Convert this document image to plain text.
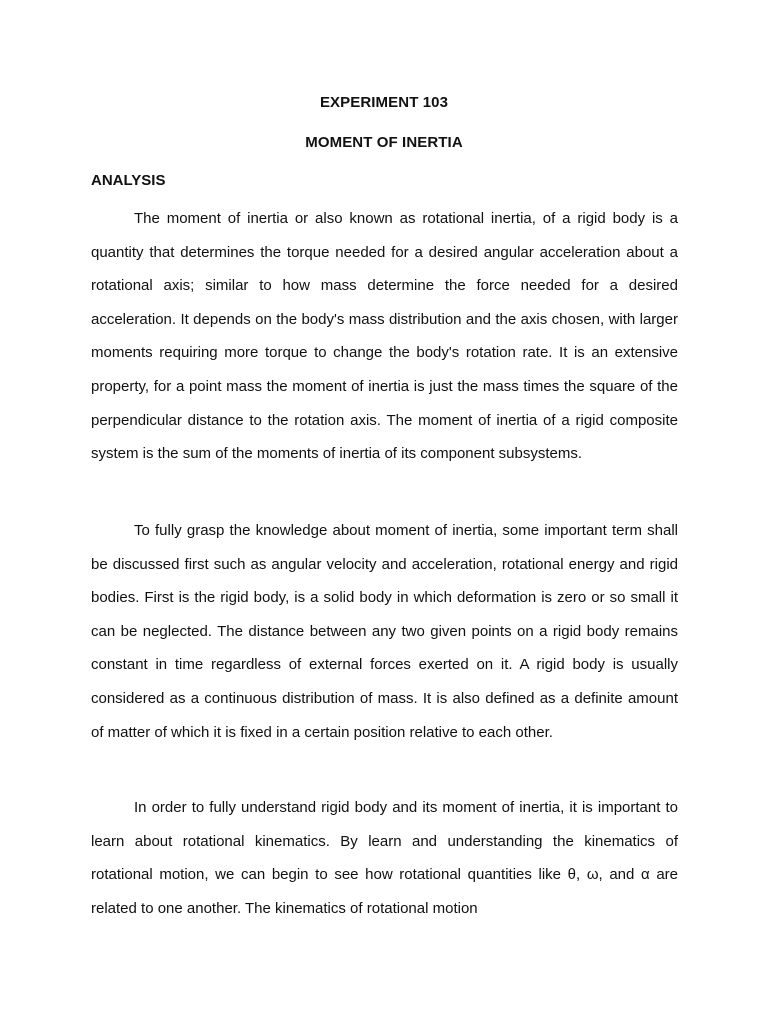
EXPERIMENT 103
MOMENT OF INERTIA
ANALYSIS

The moment of inertia or also known as rotational inertia, of a rigid body is a quantity that determines the torque needed for a desired angular acceleration about a rotational axis; similar to how mass determine the force needed for a desired acceleration. It depends on the body's mass distribution and the axis chosen, with larger moments requiring more torque to change the body's rotation rate. It is an extensive property, for a point mass the moment of inertia is just the mass times the square of the perpendicular distance to the rotation axis. The moment of inertia of a rigid composite system is the sum of the moments of inertia of its component subsystems.

To fully grasp the knowledge about moment of inertia, some important term shall be discussed first such as angular velocity and acceleration, rotational energy and rigid bodies. First is the rigid body, is a solid body in which deformation is zero or so small it can be neglected. The distance between any two given points on a rigid body remains constant in time regardless of external forces exerted on it. A rigid body is usually considered as a continuous distribution of mass. It is also defined as a definite amount of matter of which it is fixed in a certain position relative to each other.

In order to fully understand rigid body and its moment of inertia, it is important to learn about rotational kinematics. By learn and understanding the kinematics of rotational motion, we can begin to see how rotational quantities like θ, ω, and α are related to one another. The kinematics of rotational motion
